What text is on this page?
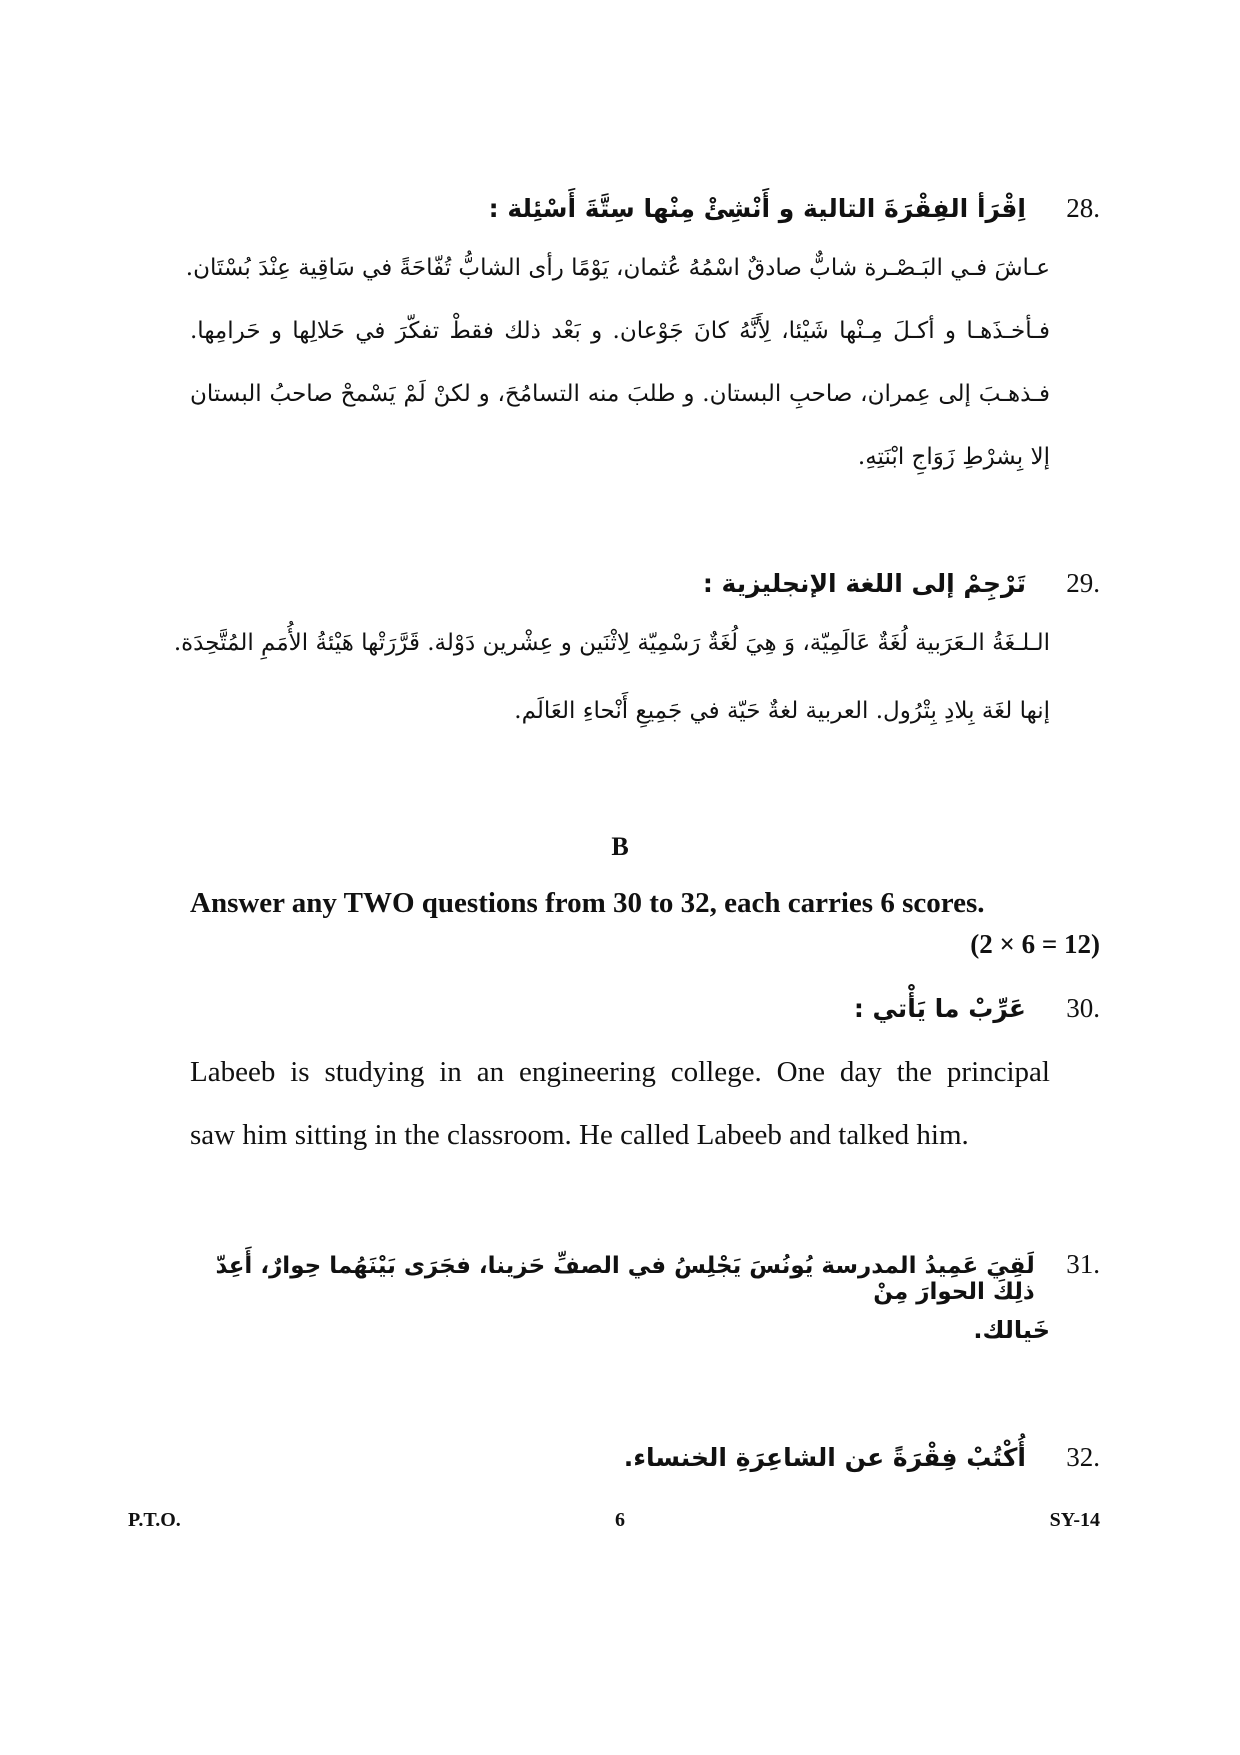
اِقْرَأ الفِقْرَةَ التالية و أَنْشِئْ مِنْها سِتَّةَ أَسْئِلة :	28.
عـاشَ فـي البَـصْـرة شابٌّ صادقٌ اسْمُهُ عُثمان، يَوْمًا رأى الشابُّ تُفّاحَةً في سَاقِية عِنْدَ بُسْتَان.
فـأخـذَهـا و أكـلَ مِـنْها شَيْئا، لِأَنَّهُ كانَ جَوْعان. و بَعْد ذلك فقطْ تفكّرَ في حَلالِها و حَرامِها.
فـذهـبَ إلى عِمران، صاحبِ البستان. و طلبَ منه التسامُحَ، و لكنْ لَمْ يَسْمحْ صاحبُ البستان
إلا بِشرْطِ زَوَاجِ ابْنَتِهِ.
تَرْجِمْ إلى اللغة الإنجليزية :	29.
الـلـغَةُ الـعَرَبية لُغَةٌ عَالَمِيّة، وَ هِيَ لُغَةٌ رَسْمِيّة لِاثْنَين و عِشْرين دَوْلة. قَرَّرَتْها هَيْئةُ الأُمَمِ المُتَّحِدَة.
إنها لغَة بِلادِ بِتْرُول. العربية لغةٌ حَيّة في جَمِيعِ أَنْحاءِ العَالَم.
B
Answer any TWO questions from 30 to 32, each carries 6 scores.
(2 × 6 = 12)
عَرِّبْ ما يَأْتي :	30.
Labeeb is studying in an engineering college. One day the principal
saw him sitting in the classroom. He called Labeeb and talked him.
لَقِيَ عَمِيدُ المدرسة يُونُسَ يَجْلِسُ في الصفِّ حَزينا، فجَرَى بَيْنَهُما حِوارٌ، أَعِدّ ذلِكَ الحوارَ مِنْ
31.
خَيالك.
أُكْتُبْ فِقْرَةً عن الشاعِرَةِ الخنساء.	32.
P.T.O.	6	SY-14
